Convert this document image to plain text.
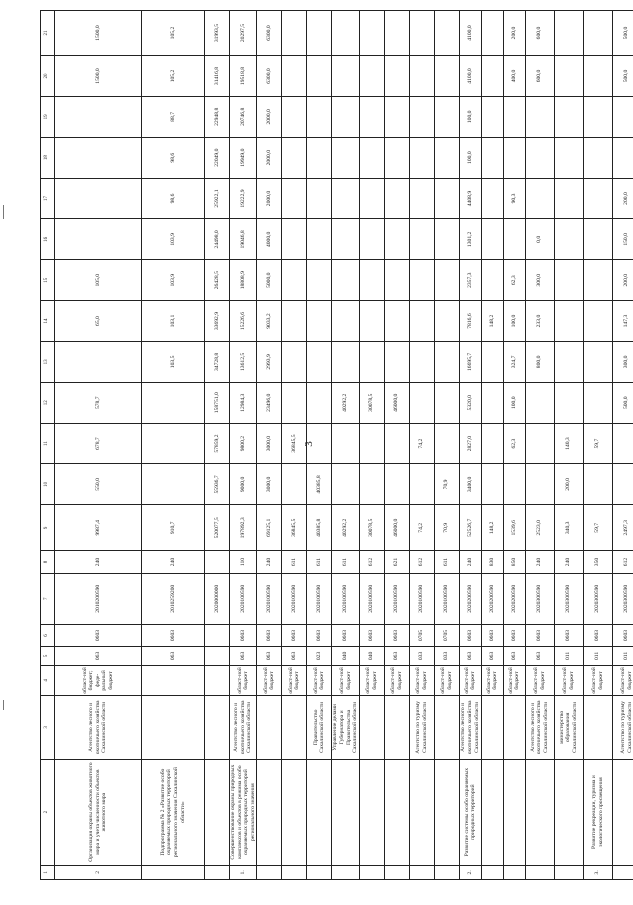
3
1	2	3	4	5	6	7	8	9	10	11	12	13	14	15	16	17	18	19	20	21
2	Организация охраны объектов животного мира и учета численности объектов животного мира	Агентство лесного и охотничьего хозяйства Сахалинской области	област-ной бюджет; феде-ральный бюджет	063	0603	2010200590	240	9987,4	550,0	678,7	578,7		65,0	105,0					1500,0	1500,0
	Подпрограмма № 2 «Развитие особо охраняемых природных территорий регионального значения Сахалинской области»			063	0603	2010259200	240	910,7				103,5	103,1	103,9	103,9	98,6	98,6	88,7	105,2	105,2
						2020000000		520077,5	55936,7	57859,2	158751,0	34728,8	33692,9	26428,5	24498,0	25922,1	22049,0	22948,8	31416,8	31993,5
1.	Совершенствование охраны природных комплексов и объектов в режима особо охраняемых природных территорий регионального значения	Агентство лесного и охотничьего хозяйства Сахалинской области	област-ной бюджет	063	0603	2020100590	110	197892,3	9000,0	9800,2	12984,3	13612,5	15226,6	18808,9	19046,8	19222,9	19949,0	20746,8	19518,8	20297,5
			област-ной бюджет	063	0603	2020100590	240	69125,1	3000,0	3000,0	23496,0	2993,9	9033,2	5000,0	4000,0	2000,0	2000,0	2000,0	6300,0	6300,0
			област-ной бюджет	063	0603	2020100590	611	36845,5		36845,5										
		Правительство Сахалинской области	област-ной бюджет	023	0603	2020100590	611	40385,8	40385,8											
		Управление делами Губернатора и Правительства Сахалинской области	област-ной бюджет	040	0603	2020100590	611	40292,2			40292,2									
			област-ной бюджет	040	0603	2020100590	612	30078,5			30078,5									
			област-ной бюджет	063	0603	2020100590	621	46000,0			46000,0									
		Агентство по туризму Сахалинской области	област-ной бюджет	033	0705	2020100590	612	74,2		74,2										
			област-ной бюджет	033	0705	2020100590	611	70,9	70,9											
2.	Развитие системы особо охраняемых природных территорий	Агентство лесного и охотничьего хозяйства Сахалинской области	област-ной бюджет	063	0603	2020200590	240	52526,7	3400,0	2827,0	5320,0	16695,7	7816,6	2357,3	1301,2	4408,9	100,0	100,0	4100,0	4100,0
			област-ной бюджет	063	0603	2020200590	830	148,2					148,2							
			област-ной бюджет	063	0603	2020200590	850	1539,6		62,3	100,0	324,7	100,0	62,3		90,3			400,0	200,0
		Агентство лесного и охотничьего хозяйства Сахалинской области	област-ной бюджет	063	0603	2020300590	240	2523,0				800,0	233,0	300,0	0,0				600,0	600,0
		министерство образования Сахалинской области	област-ной бюджет	011	0603	2020300590	240	340,3	200,0	140,3										
3.	Развитие рекреации, туризма и экологического просвещения		област-ной бюджет	011	0603	2020300590	350	59,7		59,7										
		Агентство по туризму Сахалинской области	област-ной бюджет	011	0603	2020300590	612	2497,3			500,0	300,0	147,3	200,0	150,0	200,0			500,0	500,0
